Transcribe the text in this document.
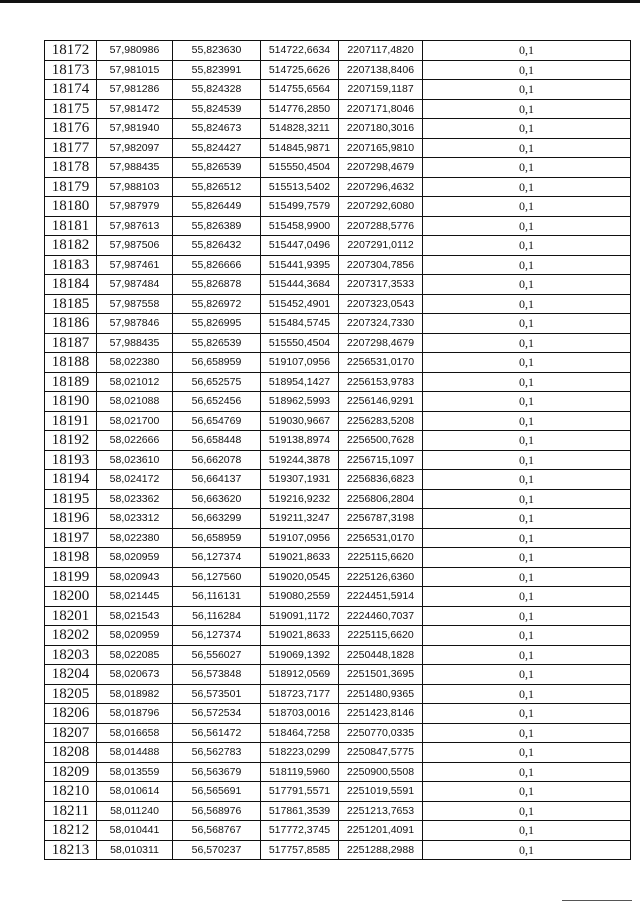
18172	57,980986	55,823630	514722,6634	2207117,4820	0,1
18173	57,981015	55,823991	514725,6626	2207138,8406	0,1
18174	57,981286	55,824328	514755,6564	2207159,1187	0,1
18175	57,981472	55,824539	514776,2850	2207171,8046	0,1
18176	57,981940	55,824673	514828,3211	2207180,3016	0,1
18177	57,982097	55,824427	514845,9871	2207165,9810	0,1
18178	57,988435	55,826539	515550,4504	2207298,4679	0,1
18179	57,988103	55,826512	515513,5402	2207296,4632	0,1
18180	57,987979	55,826449	515499,7579	2207292,6080	0,1
18181	57,987613	55,826389	515458,9900	2207288,5776	0,1
18182	57,987506	55,826432	515447,0496	2207291,0112	0,1
18183	57,987461	55,826666	515441,9395	2207304,7856	0,1
18184	57,987484	55,826878	515444,3684	2207317,3533	0,1
18185	57,987558	55,826972	515452,4901	2207323,0543	0,1
18186	57,987846	55,826995	515484,5745	2207324,7330	0,1
18187	57,988435	55,826539	515550,4504	2207298,4679	0,1
18188	58,022380	56,658959	519107,0956	2256531,0170	0,1
18189	58,021012	56,652575	518954,1427	2256153,9783	0,1
18190	58,021088	56,652456	518962,5993	2256146,9291	0,1
18191	58,021700	56,654769	519030,9667	2256283,5208	0,1
18192	58,022666	56,658448	519138,8974	2256500,7628	0,1
18193	58,023610	56,662078	519244,3878	2256715,1097	0,1
18194	58,024172	56,664137	519307,1931	2256836,6823	0,1
18195	58,023362	56,663620	519216,9232	2256806,2804	0,1
18196	58,023312	56,663299	519211,3247	2256787,3198	0,1
18197	58,022380	56,658959	519107,0956	2256531,0170	0,1
18198	58,020959	56,127374	519021,8633	2225115,6620	0,1
18199	58,020943	56,127560	519020,0545	2225126,6360	0,1
18200	58,021445	56,116131	519080,2559	2224451,5914	0,1
18201	58,021543	56,116284	519091,1172	2224460,7037	0,1
18202	58,020959	56,127374	519021,8633	2225115,6620	0,1
18203	58,022085	56,556027	519069,1392	2250448,1828	0,1
18204	58,020673	56,573848	518912,0569	2251501,3695	0,1
18205	58,018982	56,573501	518723,7177	2251480,9365	0,1
18206	58,018796	56,572534	518703,0016	2251423,8146	0,1
18207	58,016658	56,561472	518464,7258	2250770,0335	0,1
18208	58,014488	56,562783	518223,0299	2250847,5775	0,1
18209	58,013559	56,563679	518119,5960	2250900,5508	0,1
18210	58,010614	56,565691	517791,5571	2251019,5591	0,1
18211	58,011240	56,568976	517861,3539	2251213,7653	0,1
18212	58,010441	56,568767	517772,3745	2251201,4091	0,1
18213	58,010311	56,570237	517757,8585	2251288,2988	0,1
